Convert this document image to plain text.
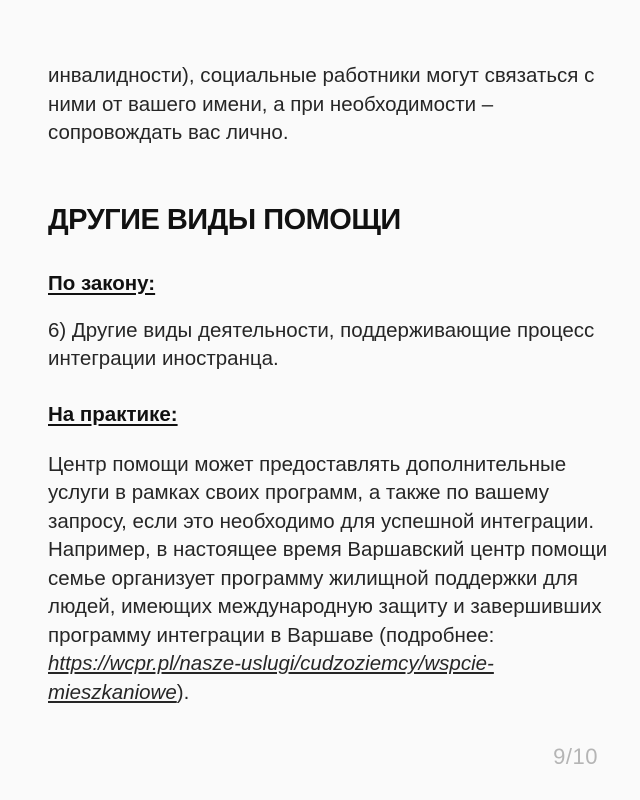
инвалидности), социальные работники могут связаться с ними от вашего имени, а при необходимости – сопровождать вас лично.

ДРУГИЕ ВИДЫ ПОМОЩИ

По закону:

6) Другие виды деятельности, поддерживающие процесс интеграции иностранца.

На практике:

Центр помощи может предоставлять дополнительные услуги в рамках своих программ, а также по вашему запросу, если это необходимо для успешной интеграции. Например, в настоящее время Варшавский центр помощи семье организует программу жилищной поддержки для людей, имеющих международную защиту и завершивших программу интеграции в Варшаве (подробнее: https://wcpr.pl/nasze-uslugi/cudzoziemcy/wspcie-mieszkaniowe).

9/10
